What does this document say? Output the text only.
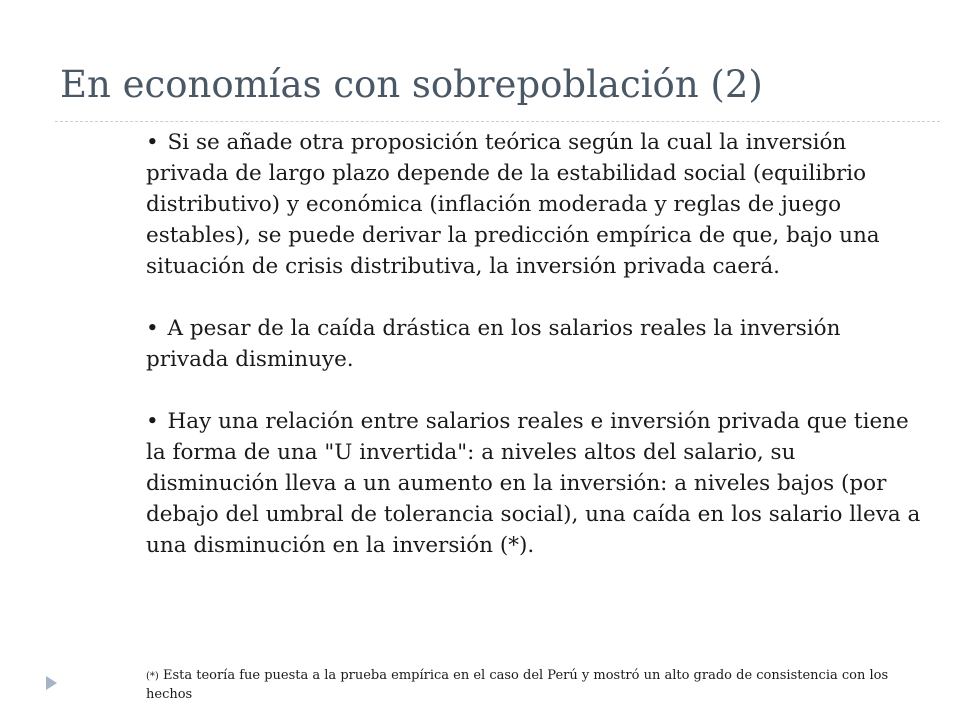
En economías con sobrepoblación (2)

• Si se añade otra proposición teórica según la cual la inversión privada de largo plazo depende de la estabilidad social (equilibrio distributivo) y económica (inflación moderada y reglas de juego estables), se puede derivar la predicción empírica de que, bajo una situación de crisis distributiva, la inversión privada caerá.

• A pesar de la caída drástica en los salarios reales la inversión privada disminuye.

• Hay una relación entre salarios reales e inversión privada que tiene la forma de una "U invertida": a niveles altos del salario, su disminución lleva a un aumento en la inversión: a niveles bajos (por debajo del umbral de tolerancia social), una caída en los salario lleva a una disminución en la inversión (*).

(*) Esta teoría fue puesta a la prueba empírica en el caso del Perú y mostró un alto grado de consistencia con los hechos
